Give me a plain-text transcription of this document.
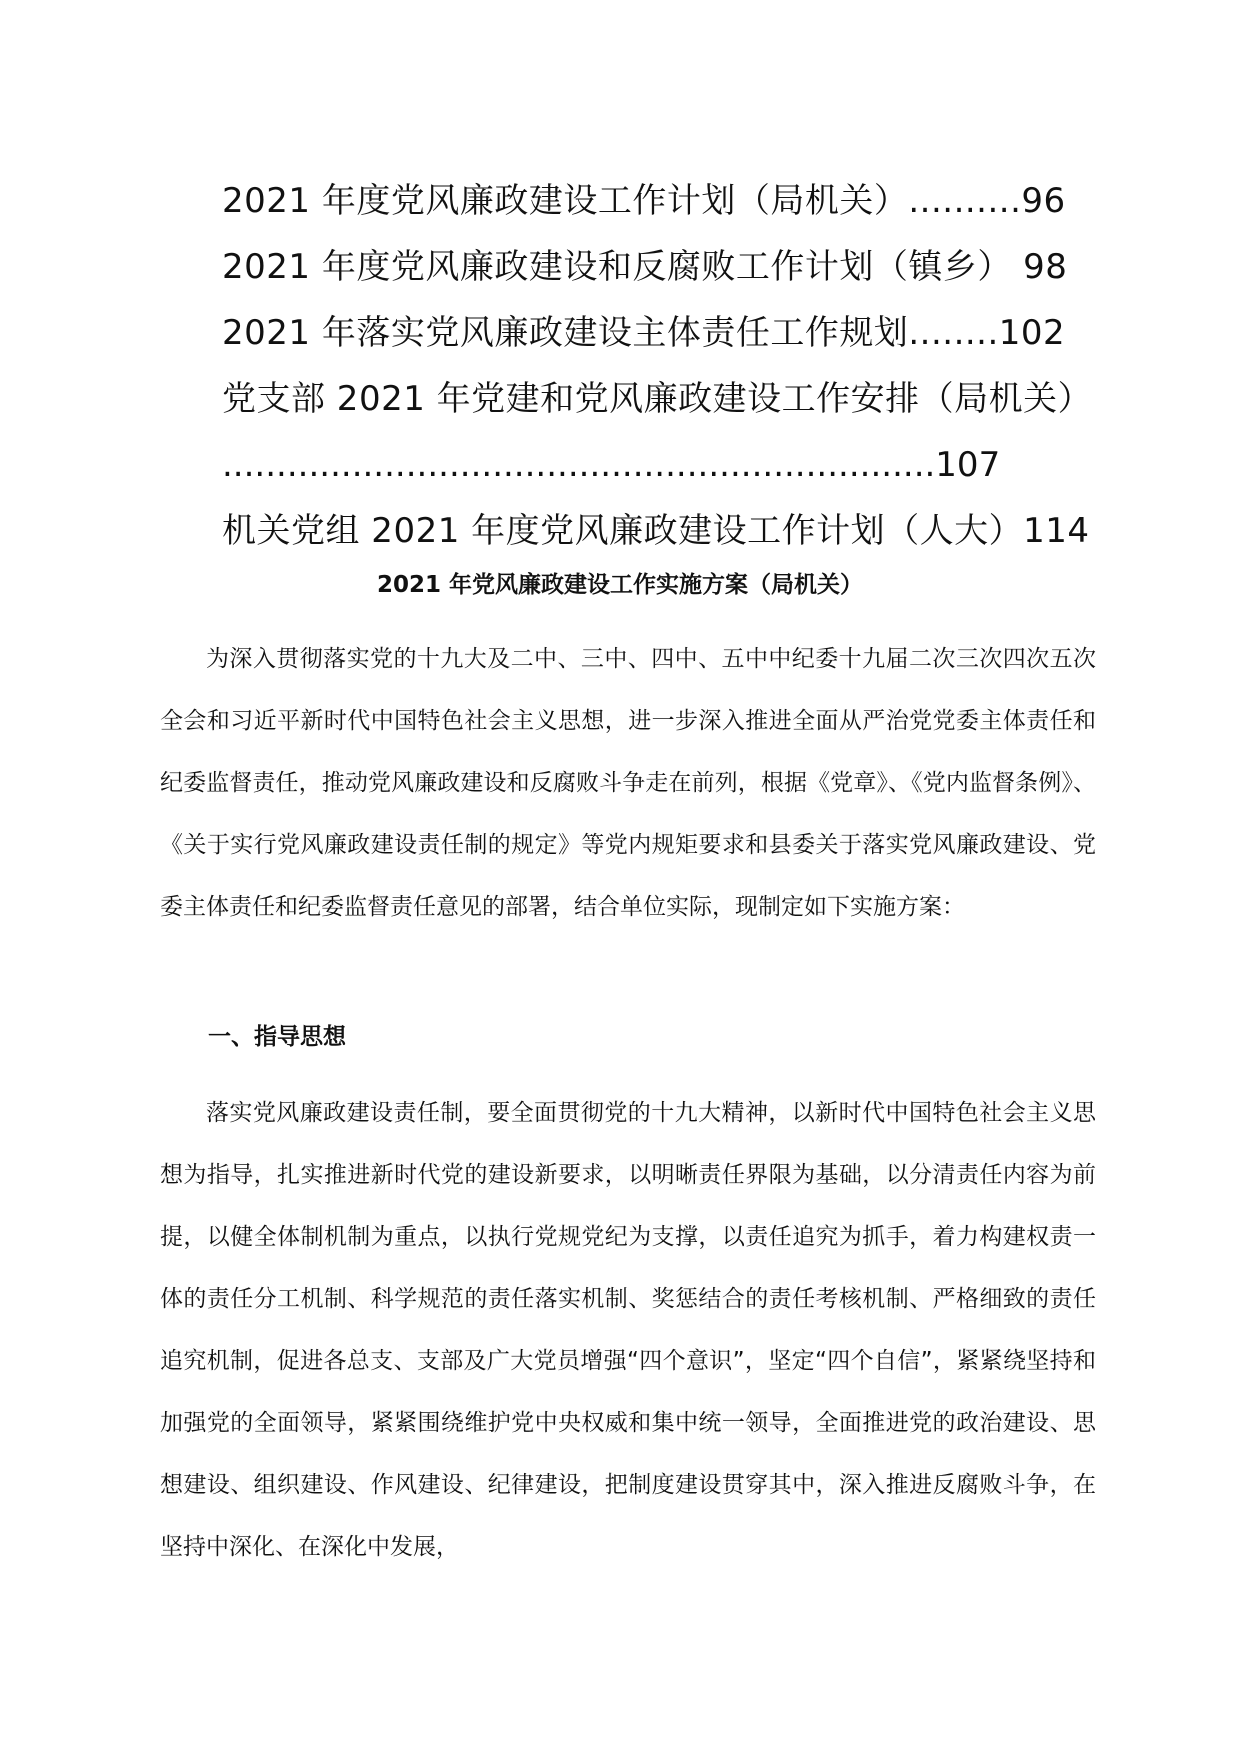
2021 年度党风廉政建设工作计划（局机关）..........96
2021 年度党风廉政建设和反腐败工作计划（镇乡） 98
2021 年落实党风廉政建设主体责任工作规划........102
党支部 2021 年党建和党风廉政建设工作安排（局机关）
..................................................................107
机关党组 2021 年度党风廉政建设工作计划（人大）114
2021 年党风廉政建设工作实施方案（局机关）

为深入贯彻落实党的十九大及二中、三中、四中、五中中纪委十九届二次三次四次五次全会和习近平新时代中国特色社会主义思想，进一步深入推进全面从严治党党委主体责任和纪委监督责任，推动党风廉政建设和反腐败斗争走在前列，根据《党章》、《党内监督条例》、《关于实行党风廉政建设责任制的规定》等党内规矩要求和县委关于落实党风廉政建设、党委主体责任和纪委监督责任意见的部署，结合单位实际，现制定如下实施方案：

一、指导思想

落实党风廉政建设责任制，要全面贯彻党的十九大精神，以新时代中国特色社会主义思想为指导，扎实推进新时代党的建设新要求，以明晰责任界限为基础，以分清责任内容为前提，以健全体制机制为重点，以执行党规党纪为支撑，以责任追究为抓手，着力构建权责一体的责任分工机制、科学规范的责任落实机制、奖惩结合的责任考核机制、严格细致的责任追究机制，促进各总支、支部及广大党员增强“四个意识”，坚定“四个自信”，紧紧绕坚持和加强党的全面领导，紧紧围绕维护党中央权威和集中统一领导，全面推进党的政治建设、思想建设、组织建设、作风建设、纪律建设，把制度建设贯穿其中，深入推进反腐败斗争，在坚持中深化、在深化中发展，
